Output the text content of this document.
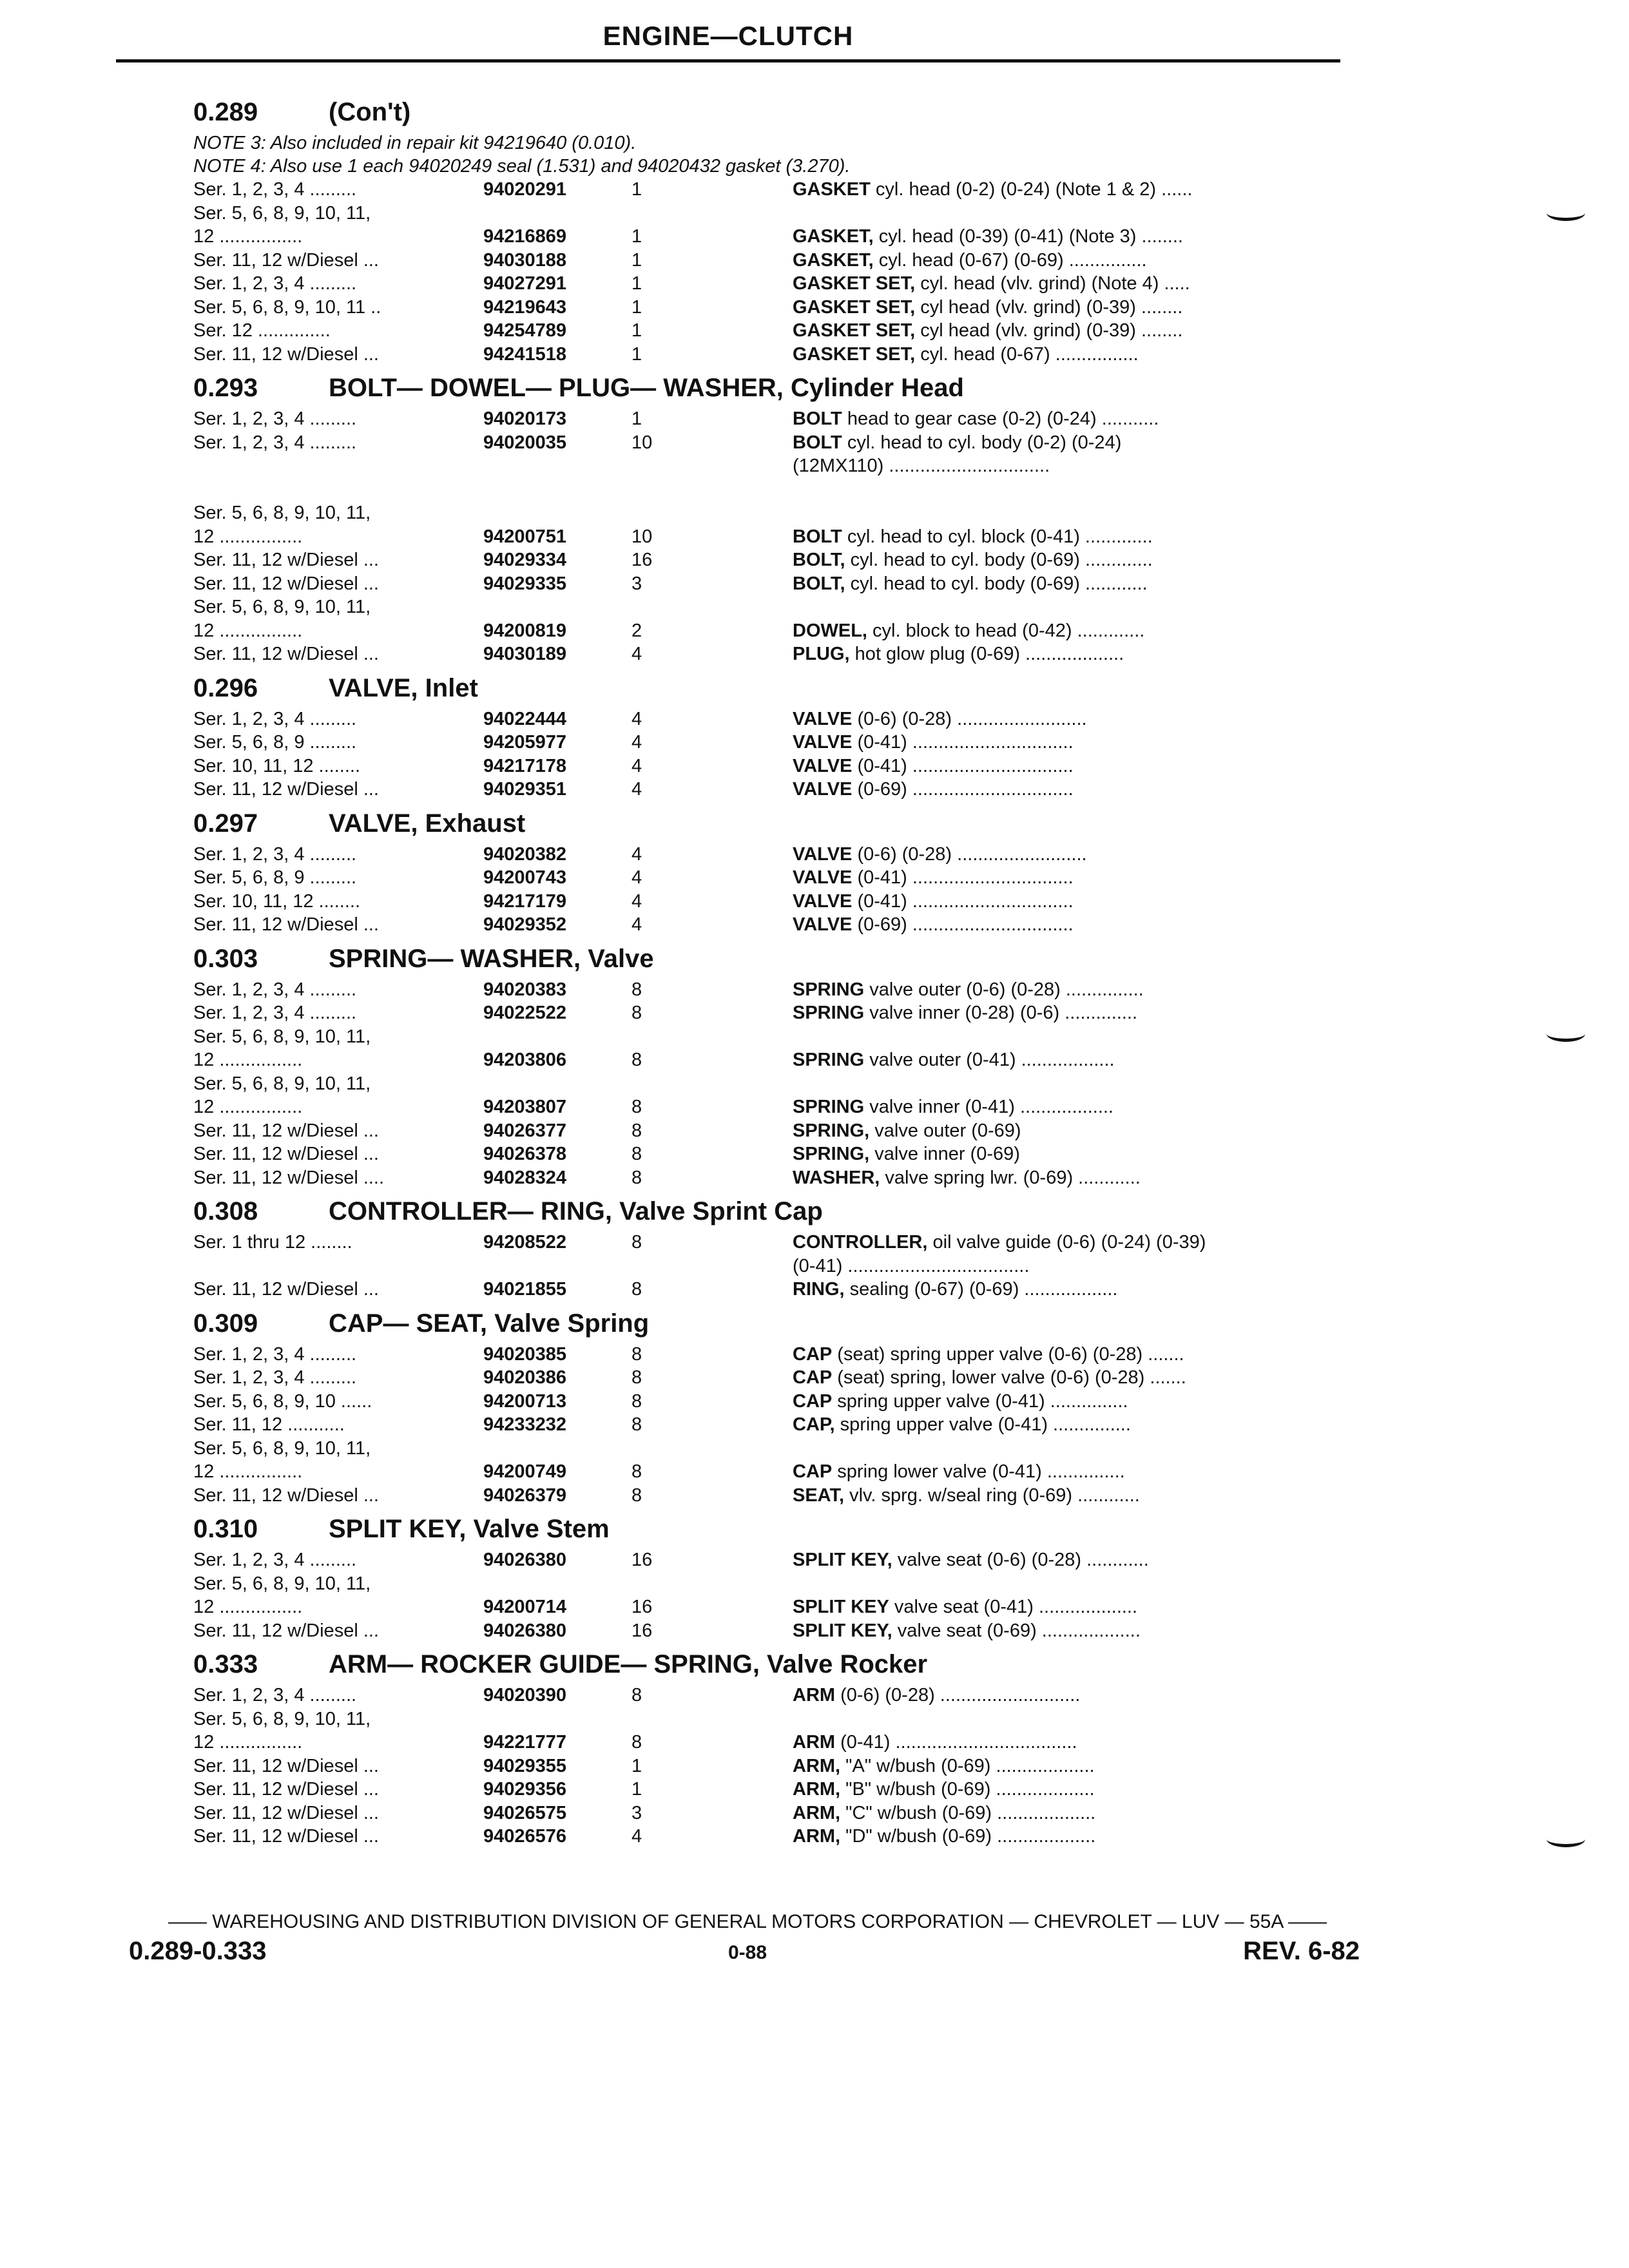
ENGINE—CLUTCH
0.289	(Con't)
NOTE 3: Also included in repair kit 94219640 (0.010).
NOTE 4: Also use 1 each 94020249 seal (1.531) and 94020432 gasket (3.270).
Ser. 1, 2, 3, 4 .........	94020291	1	GASKET cyl. head (0-2) (0-24) (Note 1 & 2) ......
Ser. 5, 6, 8, 9, 10, 11,
12 ................	94216869	1	GASKET, cyl. head (0-39) (0-41) (Note 3) ........
Ser. 11, 12 w/Diesel ...	94030188	1	GASKET, cyl. head (0-67) (0-69) ...............
Ser. 1, 2, 3, 4 .........	94027291	1	GASKET SET, cyl. head (vlv. grind) (Note 4) .....
Ser. 5, 6, 8, 9, 10, 11 ..	94219643	1	GASKET SET, cyl head (vlv. grind) (0-39) ........
Ser. 12 ..............	94254789	1	GASKET SET, cyl head (vlv. grind) (0-39) ........
Ser. 11, 12 w/Diesel ...	94241518	1	GASKET SET, cyl. head (0-67) ................
0.293	BOLT— DOWEL— PLUG— WASHER, Cylinder Head
Ser. 1, 2, 3, 4 .........	94020173	1	BOLT head to gear case (0-2) (0-24) ...........
Ser. 1, 2, 3, 4 .........	94020035	10	BOLT cyl. head to cyl. body (0-2) (0-24)
(12MX110) ...............................
Ser. 5, 6, 8, 9, 10, 11,
12 ................	94200751	10	BOLT cyl. head to cyl. block (0-41) .............
Ser. 11, 12 w/Diesel ...	94029334	16	BOLT, cyl. head to cyl. body (0-69) .............
Ser. 11, 12 w/Diesel ...	94029335	3	BOLT, cyl. head to cyl. body (0-69) ............
Ser. 5, 6, 8, 9, 10, 11,
12 ................	94200819	2	DOWEL, cyl. block to head (0-42) .............
Ser. 11, 12 w/Diesel ...	94030189	4	PLUG, hot glow plug (0-69) ...................
0.296	VALVE, Inlet
Ser. 1, 2, 3, 4 .........	94022444	4	VALVE (0-6) (0-28) .........................
Ser. 5, 6, 8, 9 .........	94205977	4	VALVE (0-41) ...............................
Ser. 10, 11, 12 ........	94217178	4	VALVE (0-41) ...............................
Ser. 11, 12 w/Diesel ...	94029351	4	VALVE (0-69) ...............................
0.297	VALVE, Exhaust
Ser. 1, 2, 3, 4 .........	94020382	4	VALVE (0-6) (0-28) .........................
Ser. 5, 6, 8, 9 .........	94200743	4	VALVE (0-41) ...............................
Ser. 10, 11, 12 ........	94217179	4	VALVE (0-41) ...............................
Ser. 11, 12 w/Diesel ...	94029352	4	VALVE (0-69) ...............................
0.303	SPRING— WASHER, Valve
Ser. 1, 2, 3, 4 .........	94020383	8	SPRING valve outer (0-6) (0-28) ...............
Ser. 1, 2, 3, 4 .........	94022522	8	SPRING valve inner (0-28) (0-6) ..............
Ser. 5, 6, 8, 9, 10, 11,
12 ................	94203806	8	SPRING valve outer (0-41) ..................
Ser. 5, 6, 8, 9, 10, 11,
12 ................	94203807	8	SPRING valve inner (0-41) ..................
Ser. 11, 12 w/Diesel ...	94026377	8	SPRING, valve outer (0-69)
Ser. 11, 12 w/Diesel ...	94026378	8	SPRING, valve inner (0-69)
Ser. 11, 12 w/Diesel ....	94028324	8	WASHER, valve spring lwr. (0-69) ............
0.308	CONTROLLER— RING, Valve Sprint Cap
Ser. 1 thru 12 ........	94208522	8	CONTROLLER, oil valve guide (0-6) (0-24) (0-39)
(0-41) ...................................
Ser. 11, 12 w/Diesel ...	94021855	8	RING, sealing (0-67) (0-69) ..................
0.309	CAP— SEAT, Valve Spring
Ser. 1, 2, 3, 4 .........	94020385	8	CAP (seat) spring upper valve (0-6) (0-28) .......
Ser. 1, 2, 3, 4 .........	94020386	8	CAP (seat) spring, lower valve (0-6) (0-28) .......
Ser. 5, 6, 8, 9, 10 ......	94200713	8	CAP spring upper valve (0-41) ...............
Ser. 11, 12 ...........	94233232	8	CAP, spring upper valve (0-41) ...............
Ser. 5, 6, 8, 9, 10, 11,
12 ................	94200749	8	CAP spring lower valve (0-41) ...............
Ser. 11, 12 w/Diesel ...	94026379	8	SEAT, vlv. sprg. w/seal ring (0-69) ............
0.310	SPLIT KEY, Valve Stem
Ser. 1, 2, 3, 4 .........	94026380	16	SPLIT KEY, valve seat (0-6) (0-28) ............
Ser. 5, 6, 8, 9, 10, 11,
12 ................	94200714	16	SPLIT KEY valve seat (0-41) ...................
Ser. 11, 12 w/Diesel ...	94026380	16	SPLIT KEY, valve seat (0-69) ...................
0.333	ARM— ROCKER GUIDE— SPRING, Valve Rocker
Ser. 1, 2, 3, 4 .........	94020390	8	ARM (0-6) (0-28) ...........................
Ser. 5, 6, 8, 9, 10, 11,
12 ................	94221777	8	ARM (0-41) ...................................
Ser. 11, 12 w/Diesel ...	94029355	1	ARM, "A" w/bush (0-69) ...................
Ser. 11, 12 w/Diesel ...	94029356	1	ARM, "B" w/bush (0-69) ...................
Ser. 11, 12 w/Diesel ...	94026575	3	ARM, "C" w/bush (0-69) ...................
Ser. 11, 12 w/Diesel ...	94026576	4	ARM, "D" w/bush (0-69) ...................
—— WAREHOUSING AND DISTRIBUTION DIVISION OF GENERAL MOTORS CORPORATION — CHEVROLET — LUV — 55A ——
0.289-0.333	0-88	REV. 6-82
